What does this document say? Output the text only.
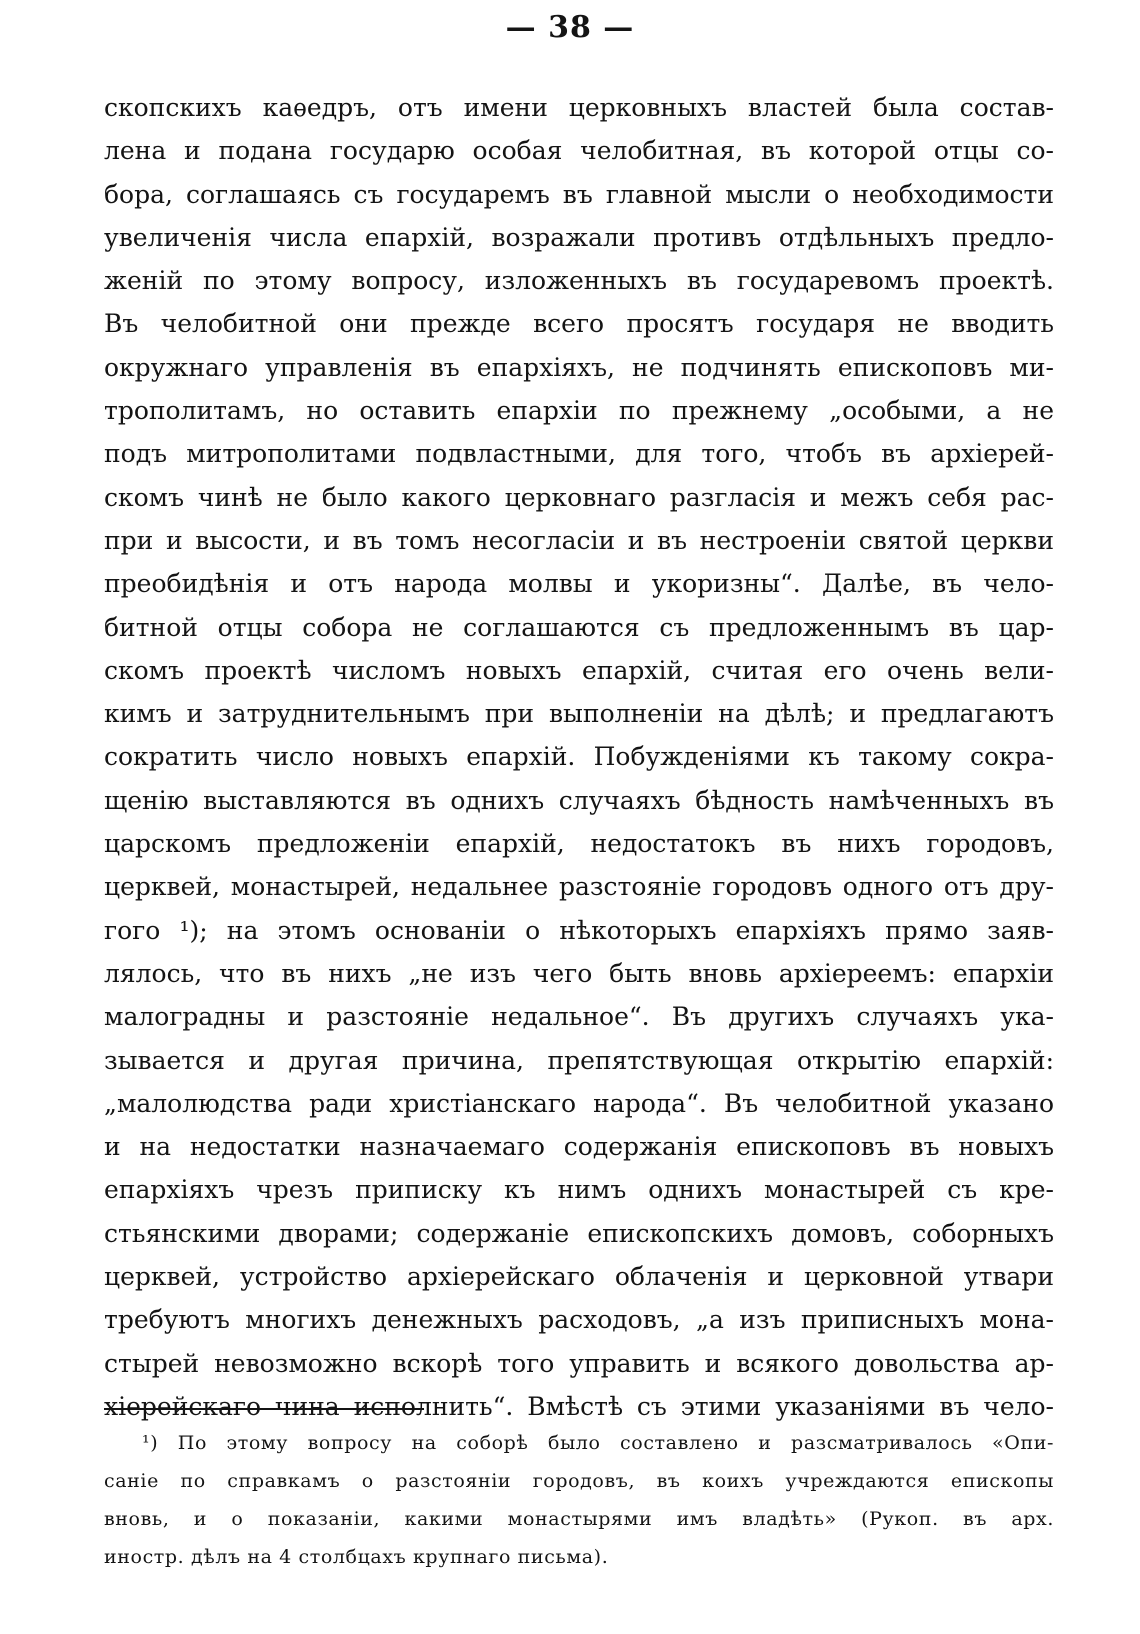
— 38 —
скопскихъ каѳедръ, отъ имени церковныхъ властей была состав-
лена и подана государю особая челобитная, въ которой отцы со-
бора, соглашаясь съ государемъ въ главной мысли о необходимости
увеличенія числа епархій, возражали противъ отдѣльныхъ предло-
женій по этому вопросу, изложенныхъ въ государевомъ проектѣ.
Въ челобитной они прежде всего просятъ государя не вводить
окружнаго управленія въ епархіяхъ, не подчинять епископовъ ми-
трополитамъ, но оставить епархіи по прежнему „особыми, а не
подъ митрополитами подвластными, для того, чтобъ въ архіерей-
скомъ чинѣ не было какого церковнаго разгласія и межъ себя рас-
при и высости, и въ томъ несогласіи и въ нестроеніи святой церкви
преобидѣнія и отъ народа молвы и укоризны“. Далѣе, въ чело-
битной отцы собора не соглашаются съ предложеннымъ въ цар-
скомъ проектѣ числомъ новыхъ епархій, считая его очень вели-
кимъ и затруднительнымъ при выполненіи на дѣлѣ; и предлагаютъ
сократить число новыхъ епархій. Побужденіями къ такому сокра-
щенію выставляются въ однихъ случаяхъ бѣдность намѣченныхъ въ
царскомъ предложеніи епархій, недостатокъ въ нихъ городовъ,
церквей, монастырей, недальнее разстояніе городовъ одного отъ дру-
гого ¹); на этомъ основаніи о нѣкоторыхъ епархіяхъ прямо заяв-
лялось, что въ нихъ „не изъ чего быть вновь архіереемъ: епархіи
малоградны и разстояніе недальное“. Въ другихъ случаяхъ ука-
зывается и другая причина, препятствующая открытію епархій:
„малолюдства ради христіанскаго народа“. Въ челобитной указано
и на недостатки назначаемаго содержанія епископовъ въ новыхъ
епархіяхъ чрезъ приписку къ нимъ однихъ монастырей съ кре-
стьянскими дворами; содержаніе епископскихъ домовъ, соборныхъ
церквей, устройство архіерейскаго облаченія и церковной утвари
требуютъ многихъ денежныхъ расходовъ, „а изъ приписныхъ мона-
стырей невозможно вскорѣ того управить и всякого довольства ар-
хіерейскаго чина исполнить“. Вмѣстѣ съ этими указаніями въ чело-
¹) По этому вопросу на соборѣ было составлено и разсматривалось «Опи-
саніе по справкамъ о разстояніи городовъ, въ коихъ учреждаются епископы
вновь, и о показаніи, какими монастырями имъ владѣть» (Рукоп. въ арх.
иностр. дѣлъ на 4 столбцахъ крупнаго письма).
